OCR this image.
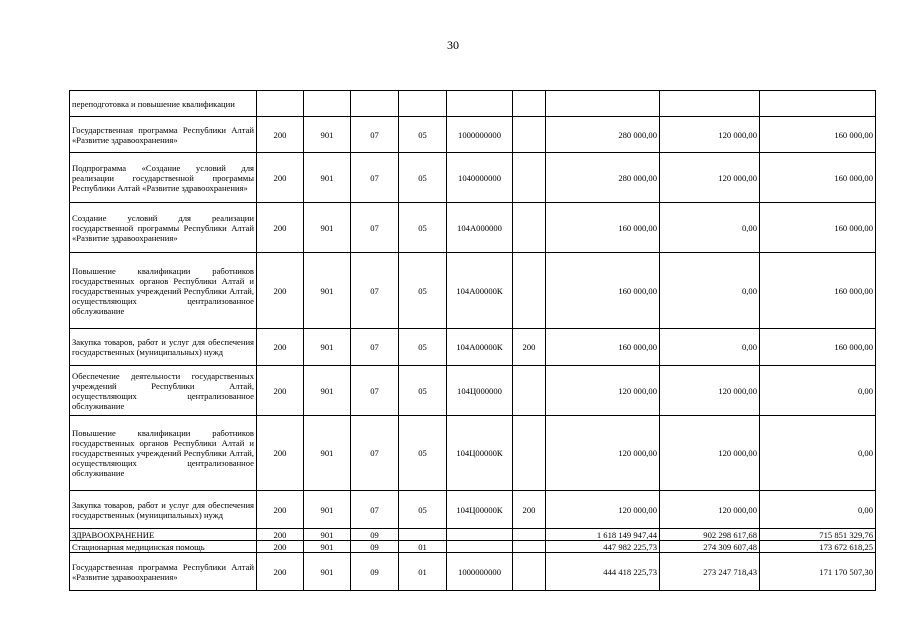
30
переподготовка и повышение квалификации									
Государственная программа Республики Алтай «Развитие здравоохранения»	200	901	07	05	1000000000		280 000,00	120 000,00	160 000,00
Подпрограмма «Создание условий для реализации государственной программы Республики Алтай «Развитие здравоохранения»	200	901	07	05	1040000000		280 000,00	120 000,00	160 000,00
Создание условий для реализации государственной программы Республики Алтай «Развитие здравоохранения»	200	901	07	05	104А000000		160 000,00	0,00	160 000,00
Повышение квалификации работников государственных органов Республики Алтай и государственных учреждений Республики Алтай, осуществляющих централизованное обслуживание	200	901	07	05	104А00000К		160 000,00	0,00	160 000,00
Закупка товаров, работ и услуг для обеспечения государственных (муниципальных) нужд	200	901	07	05	104А00000К	200	160 000,00	0,00	160 000,00
Обеспечение деятельности государственных учреждений Республики Алтай, осуществляющих централизованное обслуживание	200	901	07	05	104Ц000000		120 000,00	120 000,00	0,00
Повышение квалификации работников государственных органов Республики Алтай и государственных учреждений Республики Алтай, осуществляющих централизованное обслуживание	200	901	07	05	104Ц00000К		120 000,00	120 000,00	0,00
Закупка товаров, работ и услуг для обеспечения государственных (муниципальных) нужд	200	901	07	05	104Ц00000К	200	120 000,00	120 000,00	0,00
ЗДРАВООХРАНЕНИЕ	200	901	09				1 618 149 947,44	902 298 617,68	715 851 329,76
Стационарная медицинская помощь	200	901	09	01			447 982 225,73	274 309 607,48	173 672 618,25
Государственная программа Республики Алтай «Развитие здравоохранения»	200	901	09	01	1000000000		444 418 225,73	273 247 718,43	171 170 507,30
